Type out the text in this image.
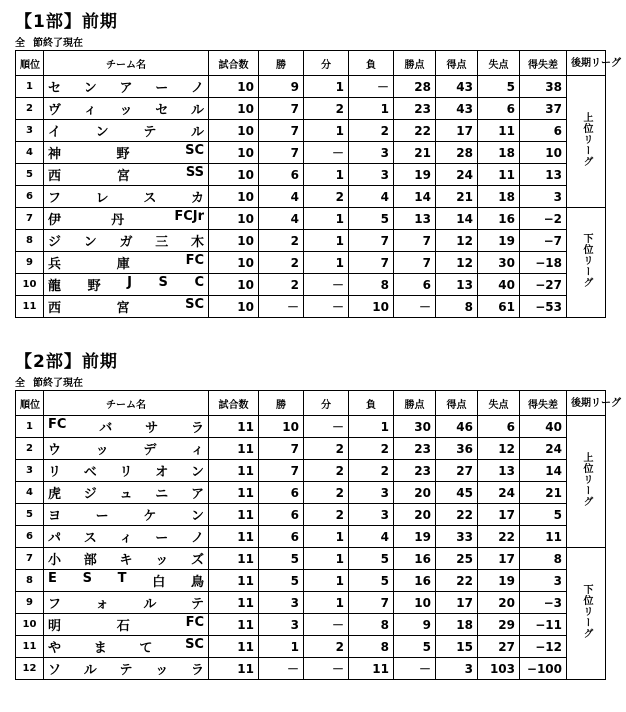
【1部】前期
全 節終了現在
順位	チーム名	試合数	勝	分	負	勝点	得点	失点	得失差	後期リーグ
1	セ ン ア ー ノ	10	9	1	－	28	43	5	38	上位リーグ
2	ヴ ィ ッ セ ル	10	7	2	1	23	43	6	37	
3	イ ン テ ル	10	7	1	2	22	17	11	6	
4	神 野 SC	10	7	－	3	21	28	18	10	
5	西 宮 SS	10	6	1	3	19	24	11	13	
6	フ レ ス カ	10	4	2	4	14	21	18	3	
7	伊 丹 FCJr	10	4	1	5	13	14	16	−2	下位リーグ
8	ジ ン ガ 三 木	10	2	1	7	7	12	19	−7	
9	兵 庫 FC	10	2	1	7	7	12	30	−18	
10	龍 野 J S C	10	2	－	8	6	13	40	−27	
11	西 宮 SC	10	－	－	10	－	8	61	−53	
【2部】前期
全 節終了現在
順位	チーム名	試合数	勝	分	負	勝点	得点	失点	得失差	後期リーグ
1	FC バ サ ラ	11	10	－	1	30	46	6	40	上位リーグ
2	ウ ッ デ ィ	11	7	2	2	23	36	12	24	
3	リ ベ リ オ ン	11	7	2	2	23	27	13	14	
4	虎 ジ ュ ニ ア	11	6	2	3	20	45	24	21	
5	ヨ ー ケ ン	11	6	2	3	20	22	17	5	
6	パ ス ィ ー ノ	11	6	1	4	19	33	22	11	
7	小 部 キ ッ ズ	11	5	1	5	16	25	17	8	下位リーグ
8	E S T 白 鳥	11	5	1	5	16	22	19	3	
9	フ ォ ル テ	11	3	1	7	10	17	20	−3	
10	明 石 FC	11	3	－	8	9	18	29	−11	
11	や ま て SC	11	1	2	8	5	15	27	−12	
12	ソ ル テ ッ ラ	11	－	－	11	－	3	103	−100	
